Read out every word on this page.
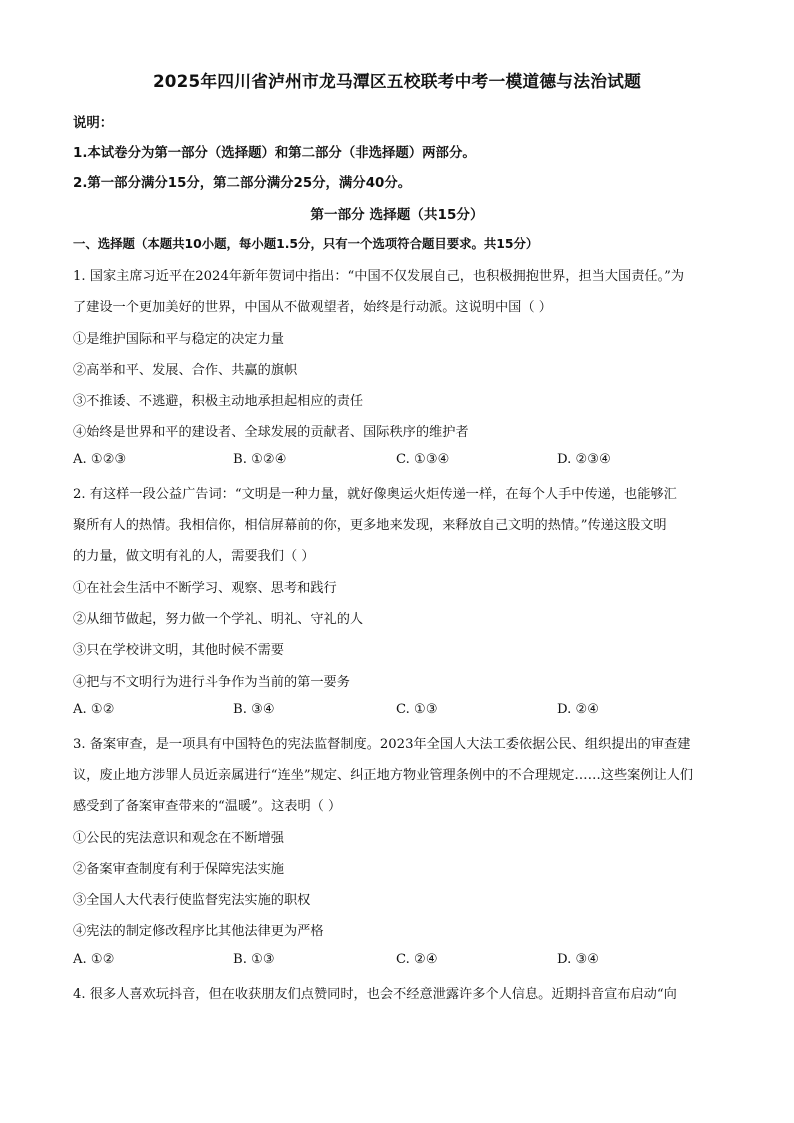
2025年四川省泸州市龙马潭区五校联考中考一模道德与法治试题
说明：
1.本试卷分为第一部分（选择题）和第二部分（非选择题）两部分。
2.第一部分满分15分，第二部分满分25分，满分40分。
第一部分 选择题（共15分）
一、选择题（本题共10小题，每小题1.5分，只有一个选项符合题目要求。共15分）
1. 国家主席习近平在2024年新年贺词中指出：“中国不仅发展自己，也积极拥抱世界，担当大国责任。”为
了建设一个更加美好的世界，中国从不做观望者，始终是行动派。这说明中国（ ）
①是维护国际和平与稳定的决定力量
②高举和平、发展、合作、共赢的旗帜
③不推诿、不逃避，积极主动地承担起相应的责任
④始终是世界和平的建设者、全球发展的贡献者、国际秩序的维护者
A. ①②③	B. ①②④	C. ①③④	D. ②③④
2. 有这样一段公益广告词：“文明是一种力量，就好像奥运火炬传递一样，在每个人手中传递，也能够汇
聚所有人的热情。我相信你，相信屏幕前的你，更多地来发现，来释放自己文明的热情。”传递这股文明
的力量，做文明有礼的人，需要我们（ ）
①在社会生活中不断学习、观察、思考和践行
②从细节做起，努力做一个学礼、明礼、守礼的人
③只在学校讲文明，其他时候不需要
④把与不文明行为进行斗争作为当前的第一要务
A. ①②	B. ③④	C. ①③	D. ②④
3. 备案审查，是一项具有中国特色的宪法监督制度。2023年全国人大法工委依据公民、组织提出的审查建
议，废止地方涉罪人员近亲属进行“连坐”规定、纠正地方物业管理条例中的不合理规定……这些案例让人们
感受到了备案审查带来的“温暖”。这表明（ ）
①公民的宪法意识和观念在不断增强
②备案审查制度有利于保障宪法实施
③全国人大代表行使监督宪法实施的职权
④宪法的制定修改程序比其他法律更为严格
A. ①②	B. ①③	C. ②④	D. ③④
4. 很多人喜欢玩抖音，但在收获朋友们点赞同时，也会不经意泄露许多个人信息。近期抖音宣布启动“向
